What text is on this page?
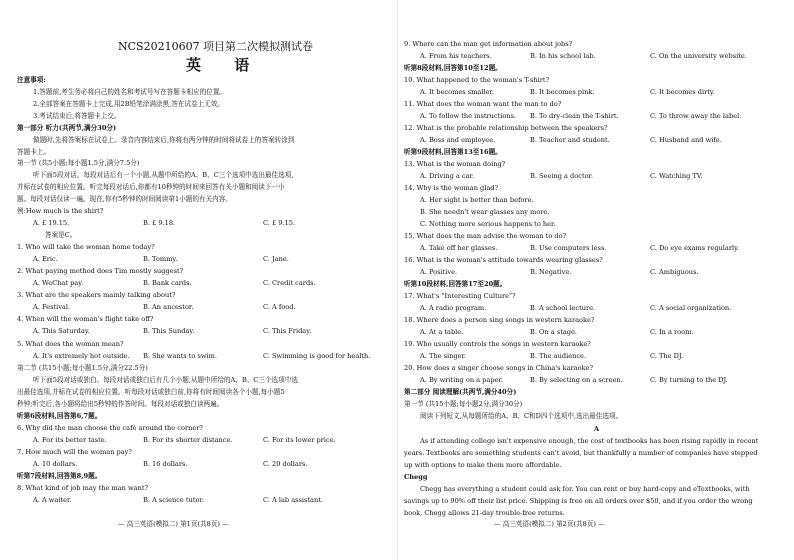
NCS20210607 项目第二次模拟测试卷
英 语
注意事项:
1.答题前,考生务必将自己的姓名和考试号写在答题卡相应的位置。
2.全部答案在答题卡上完成,用2B铅笔涂满涂黑,答在试卷上无效。
3.考试结束后,将答题卡上交。
第一部分 听力(共两节,满分30分)
做题时,先将答案标在试卷上。录音内容结束后,你将有两分钟的时间将试卷上的答案转涂到
答题卡上。
第一节 (共5小题;每小题1.5分,满分7.5分)
听下面5段对话。每段对话后有一个小题,从题中所给的A、B、C三个选项中选出最佳选项,
并标在试卷的相应位置。听完每段对话后,你都有10秒钟的时间来回答有关小题和阅读下一小
题。每段对话仅读一遍。现在,你有5秒钟的时间阅读第1小题的有关内容。
例:How much is the shirt?
A. £ 19.15.	B. £ 9.18.	C. £ 9.15.
答案是C。
1. Who will take the woman home today?
A. Eric.	B. Tommy.	C. Jane.
2. What paying method does Tim mostly suggest?
A. WeChat pay.	B. Bank cards.	C. Credit cards.
3. What are the speakers mainly talking about?
A. Festival.	B. An ancestor.	C. A food.
4. When will the woman's flight take off?
A. This Saturday.	B. This Sunday.	C. This Friday.
5. What does the woman mean?
A. It's extremely hot outside. B. She wants to swim.	C. Swimming is good for health.
第二节 (共15小题;每小题1.5分,满分22.5分)
听下面5段对话或独白。每段对话或独白后有几个小题,从题中所给的A、B、C三个选项中选
出最佳选项,并标在试卷的相应位置。听每段对话或独白前,你将有时间阅读各个小题,每小题5
秒钟;听完后,各小题将给出5秒钟的作答时间。每段对话或独白读两遍。
听第6段材料,回答第6,7题。
6. Why did the man choose the café around the corner?
A. For its better taste.	B. For its shorter distance.	C. For its lower price.
7. How much will the woman pay?
A. 10 dollars.	B. 16 dollars.	C. 20 dollars.
听第7段材料,回答第8,9题。
8. What kind of job may the man want?
A. A waiter.	B. A science tutor.	C. A lab assistant.
— 高三英语(模拟二) 第1页(共8页) —
9. Where can the man get information about jobs?
A. From his teachers.	B. In his school lab.	C. On the university website.
听第8段材料,回答第10至12题。
10. What happened to the woman's T-shirt?
A. It becomes smaller.	B. It becomes pink.	C. It becomes dirty.
11. What does the woman want the man to do?
A. To follow the instructions. B. To dry-clean the T-shirt.	C. To throw away the label.
12. What is the probable relationship between the speakers?
A. Boss and employee.	B. Teacher and student.	C. Husband and wife.
听第9段材料,回答第13至16题。
13. What is the woman doing?
A. Driving a car.	B. Seeing a doctor.	C. Watching TV.
14. Why is the woman glad?
A. Her sight is better than before.
B. She needn't wear glasses any more.
C. Nothing more serious happens to her.
15. What does the man advise the woman to do?
A. Take off her glasses.	B. Use computers less.	C. Do eye exams regularly.
16. What is the woman's attitude towards wearing glasses?
A. Positive.	B. Negative.	C. Ambiguous.
听第10段材料,回答第17至20题。
17. What's "Interesting Culture"?
A. A radio program.	B. A school lecture.	C. A social organization.
18. Where does a person sing songs in western karaoke?
A. At a table.	B. On a stage.	C. In a room.
19. Who usually controls the songs in western karaoke?
A. The singer.	B. The audience.	C. The DJ.
20. How does a singer choose songs in China's karaoke?
A. By writing on a paper.	B. By selecting on a screen.	C. By turning to the DJ.
第二部分 阅读理解(共两节,满分40分)
第一节 (共15小题;每小题2分,满分30分)
阅读下列短文,从每题所给的A、B、C和D四个选项中,选出最佳选项。
A
As if attending college isn't expensive enough, the cost of textbooks has been rising rapidly in recent
years. Textbooks are something students can't avoid, but thankfully a number of companies have stepped
up with options to make them more affordable.
Chegg
Chegg has everything a student could ask for. You can rent or buy hard-copy and eTextbooks, with
savings up to 90% off their list price. Shipping is free on all orders over $50, and if you order the wrong
book, Chegg allows 21-day trouble-free returns.
— 高三英语(模拟二) 第2页(共8页) —
